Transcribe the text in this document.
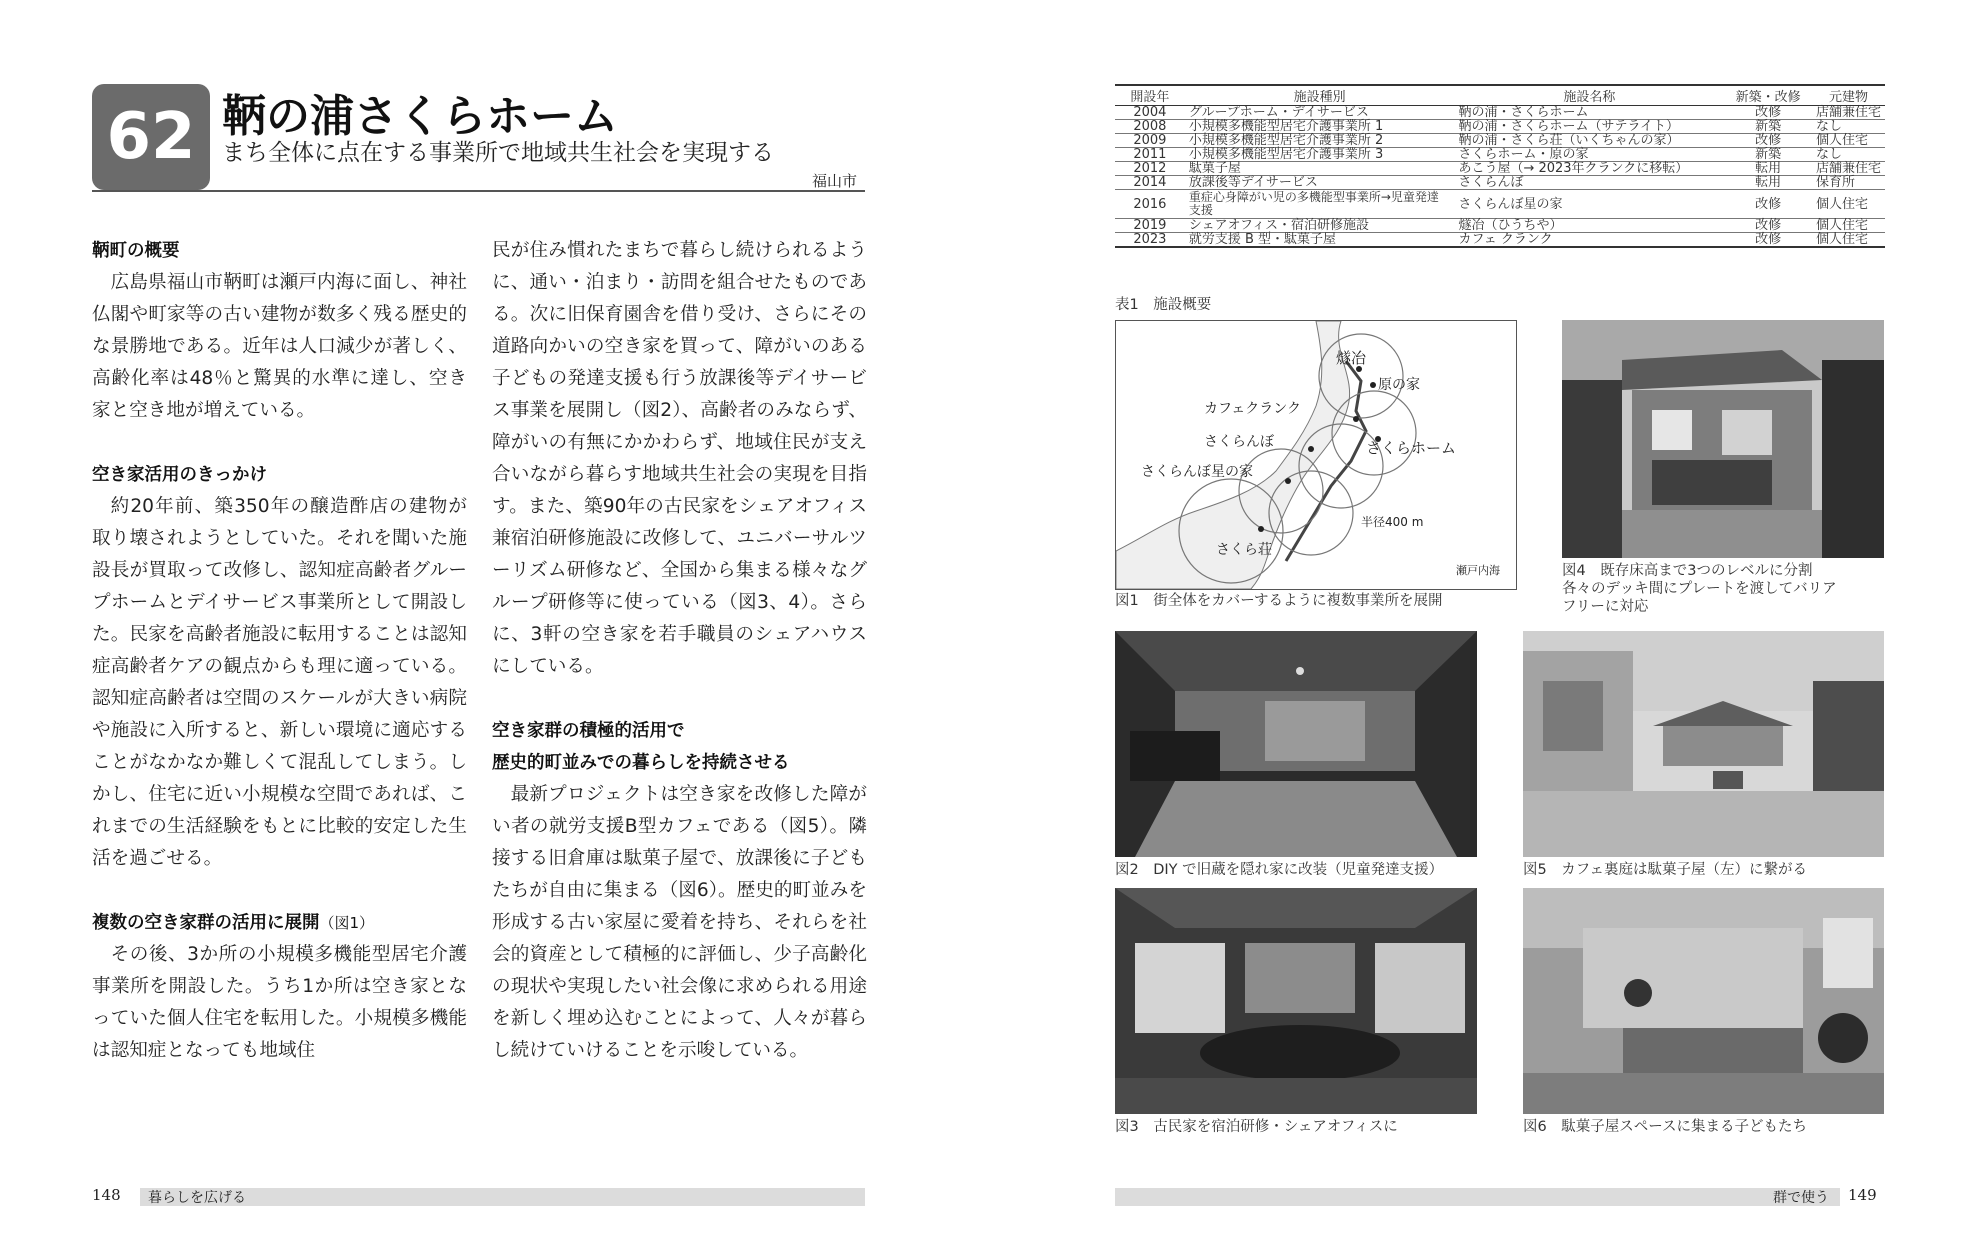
62 鞆の浦さくらホーム
まち全体に点在する事業所で地域共生社会を実現する
福山市
鞆町の概要

広島県福山市鞆町は瀬戸内海に面し、神社仏閣や町家等の古い建物が数多く残る歴史的な景勝地である。近年は人口減少が著しく、高齢化率は48％と驚異的水準に達し、空き家と空き地が増えている。

空き家活用のきっかけ

約20年前、築350年の醸造酢店の建物が取り壊されようとしていた。それを聞いた施設長が買取って改修し、認知症高齢者グループホームとデイサービス事業所として開設した。民家を高齢者施設に転用することは認知症高齢者ケアの観点からも理に適っている。認知症高齢者は空間のスケールが大きい病院や施設に入所すると、新しい環境に適応することがなかなか難しくて混乱してしまう。しかし、住宅に近い小規模な空間であれば、これまでの生活経験をもとに比較的安定した生活を過ごせる。

複数の空き家群の活用に展開（図1）

その後、3か所の小規模多機能型居宅介護事業所を開設した。うち1か所は空き家となっていた個人住宅を転用した。小規模多機能は認知症となっても地域住

民が住み慣れたまちで暮らし続けられるように、通い・泊まり・訪問を組合せたものである。次に旧保育園舎を借り受け、さらにその道路向かいの空き家を買って、障がいのある子どもの発達支援も行う放課後等デイサービス事業を展開し（図2）、高齢者のみならず、障がいの有無にかかわらず、地域住民が支え合いながら暮らす地域共生社会の実現を目指す。また、築90年の古民家をシェアオフィス兼宿泊研修施設に改修して、ユニバーサルツーリズム研修など、全国から集まる様々なグループ研修等に使っている（図3、4）。さらに、3軒の空き家を若手職員のシェアハウスにしている。

空き家群の積極的活用で
歴史的町並みでの暮らしを持続させる

最新プロジェクトは空き家を改修した障がい者の就労支援B型カフェである（図5）。隣接する旧倉庫は駄菓子屋で、放課後に子どもたちが自由に集まる（図6）。歴史的町並みを形成する古い家屋に愛着を持ち、それらを社会的資産として積極的に評価し、少子高齢化の現状や実現したい社会像に求められる用途を新しく埋め込むことによって、人々が暮らし続けていけることを示唆している。

148 暮らしを広げる
開設年	施設種別	施設名称	新築・改修	元建物
2004	グループホーム・デイサービス	鞆の浦・さくらホーム	改修	店舗兼住宅
2008	小規模多機能型居宅介護事業所 1	鞆の浦・さくらホーム（サテライト）	新築	なし
2009	小規模多機能型居宅介護事業所 2	鞆の浦・さくら荘（いくちゃんの家）	改修	個人住宅
2011	小規模多機能型居宅介護事業所 3	さくらホーム・原の家	新築	なし
2012	駄菓子屋	あこう屋（→ 2023年クランクに移転）	転用	店舗兼住宅
2014	放課後等デイサービス	さくらんぼ	転用	保育所
2016	重症心身障がい児の多機能型事業所→児童発達支援	さくらんぼ星の家	改修	個人住宅
2019	シェアオフィス・宿泊研修施設	燧冶（ひうちや）	改修	個人住宅
2023	就労支援 B 型・駄菓子屋	カフェ クランク	改修	個人住宅
表1　施設概要
燧冶
原の家
カフェクランク
さくらんぼ	さくらホーム
さくらんぼ星の家
半径400 m
さくら荘
瀬戸内海
図1　街全体をカバーするように複数事業所を展開
図4　既存床高まで3つのレベルに分割
各々のデッキ間にプレートを渡してバリア
フリーに対応
図2　DIY で旧蔵を隠れ家に改装（児童発達支援）	図5　カフェ裏庭は駄菓子屋（左）に繋がる
図3　古民家を宿泊研修・シェアオフィスに	図6　駄菓子屋スペースに集まる子どもたち
群で使う 149
